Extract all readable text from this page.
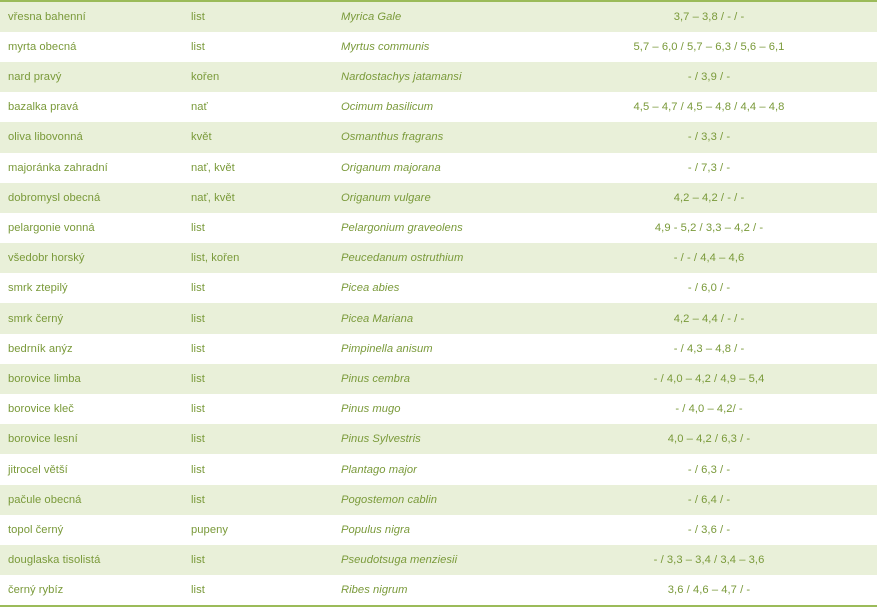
vřesna bahenní	list	Myrica Gale	3,7 – 3,8 / - / -
myrta obecná	list	Myrtus communis	5,7 – 6,0 / 5,7 – 6,3 / 5,6 – 6,1
nard pravý	kořen	Nardostachys jatamansi	- / 3,9 / -
bazalka pravá	nať	Ocimum basilicum	4,5 – 4,7 / 4,5 – 4,8 / 4,4 – 4,8
oliva libovonná	květ	Osmanthus fragrans	- / 3,3 / -
majoránka zahradní	nať, květ	Origanum majorana	- / 7,3 / -
dobromysl obecná	nať, květ	Origanum vulgare	4,2 – 4,2 / - / -
pelargonie vonná	list	Pelargonium graveolens	4,9 - 5,2 / 3,3 – 4,2 / -
všedobr horský	list, kořen	Peucedanum ostruthium	- / - / 4,4 – 4,6
smrk ztepilý	list	Picea abies	- / 6,0 / -
smrk černý	list	Picea Mariana	4,2 – 4,4 / - / -
bedrník anýz	list	Pimpinella anisum	- / 4,3 – 4,8 / -
borovice limba	list	Pinus cembra	- / 4,0 – 4,2 / 4,9 – 5,4
borovice kleč	list	Pinus mugo	- / 4,0 – 4,2/ -
borovice lesní	list	Pinus Sylvestris	4,0 – 4,2 / 6,3 / -
jitrocel větší	list	Plantago major	- / 6,3 / -
pačule obecná	list	Pogostemon cablin	- / 6,4 / -
topol černý	pupeny	Populus nigra	- / 3,6 / -
douglaska tisolistá	list	Pseudotsuga menziesii	- / 3,3 – 3,4 / 3,4 – 3,6
černý rybíz	list	Ribes nigrum	3,6 / 4,6 – 4,7 / -
